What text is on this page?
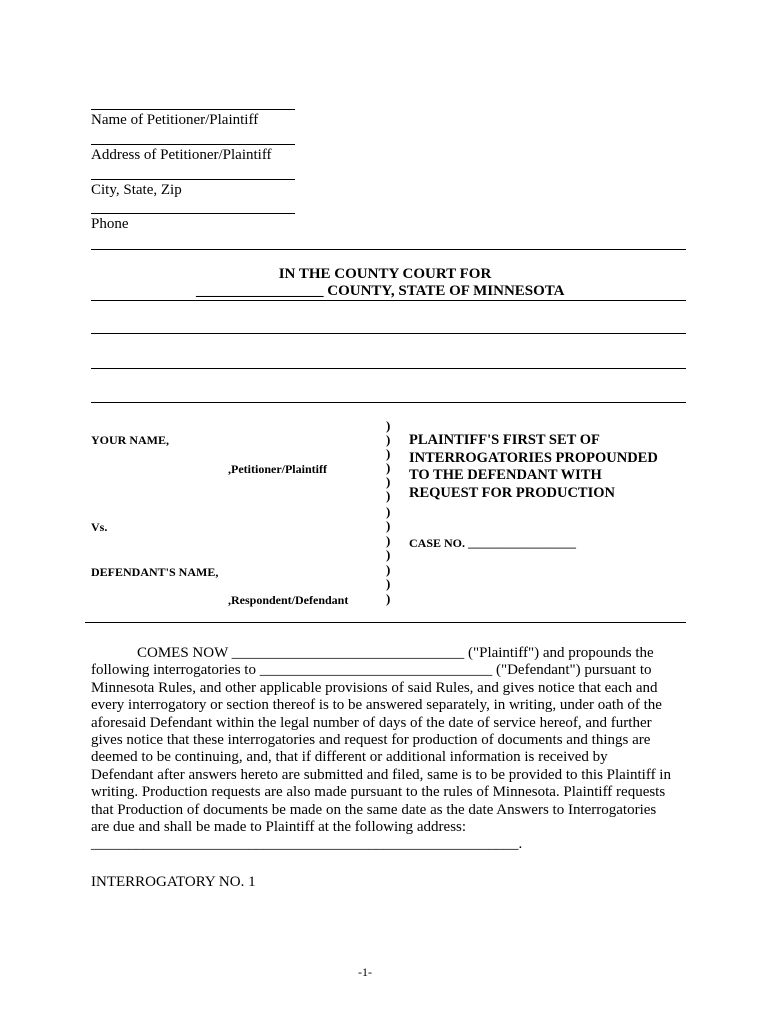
Name of Petitioner/Plaintiff
Address of Petitioner/Plaintiff
City, State, Zip
Phone
IN THE COUNTY COURT FOR
_________________ COUNTY, STATE OF MINNESOTA
YOUR NAME,
,Petitioner/Plaintiff
Vs.
DEFENDANT'S NAME,
,Respondent/Defendant
)
)
)
)
)
)
)
)
)
)
)
)
)
PLAINTIFF'S FIRST SET OF
INTERROGATORIES PROPOUNDED
TO THE DEFENDANT WITH
REQUEST FOR PRODUCTION
CASE NO. __________________
COMES NOW _______________________________ ("Plaintiff") and propounds the
following interrogatories to _______________________________ ("Defendant") pursuant to
Minnesota Rules, and other applicable provisions of said Rules, and gives notice that each and
every interrogatory or section thereof is to be answered separately, in writing, under oath of the
aforesaid Defendant within the legal number of days of the date of service hereof, and further
gives notice that these interrogatories and request for production of documents and things are
deemed to be continuing, and, that if different or additional information is received by
Defendant after answers hereto are submitted and filed, same is to be provided to this Plaintiff in
writing. Production requests are also made pursuant to the rules of Minnesota. Plaintiff requests
that Production of documents be made on the same date as the date Answers to Interrogatories
are due and shall be made to Plaintiff at the following address:
_________________________________________________________.
INTERROGATORY NO. 1
-1-
